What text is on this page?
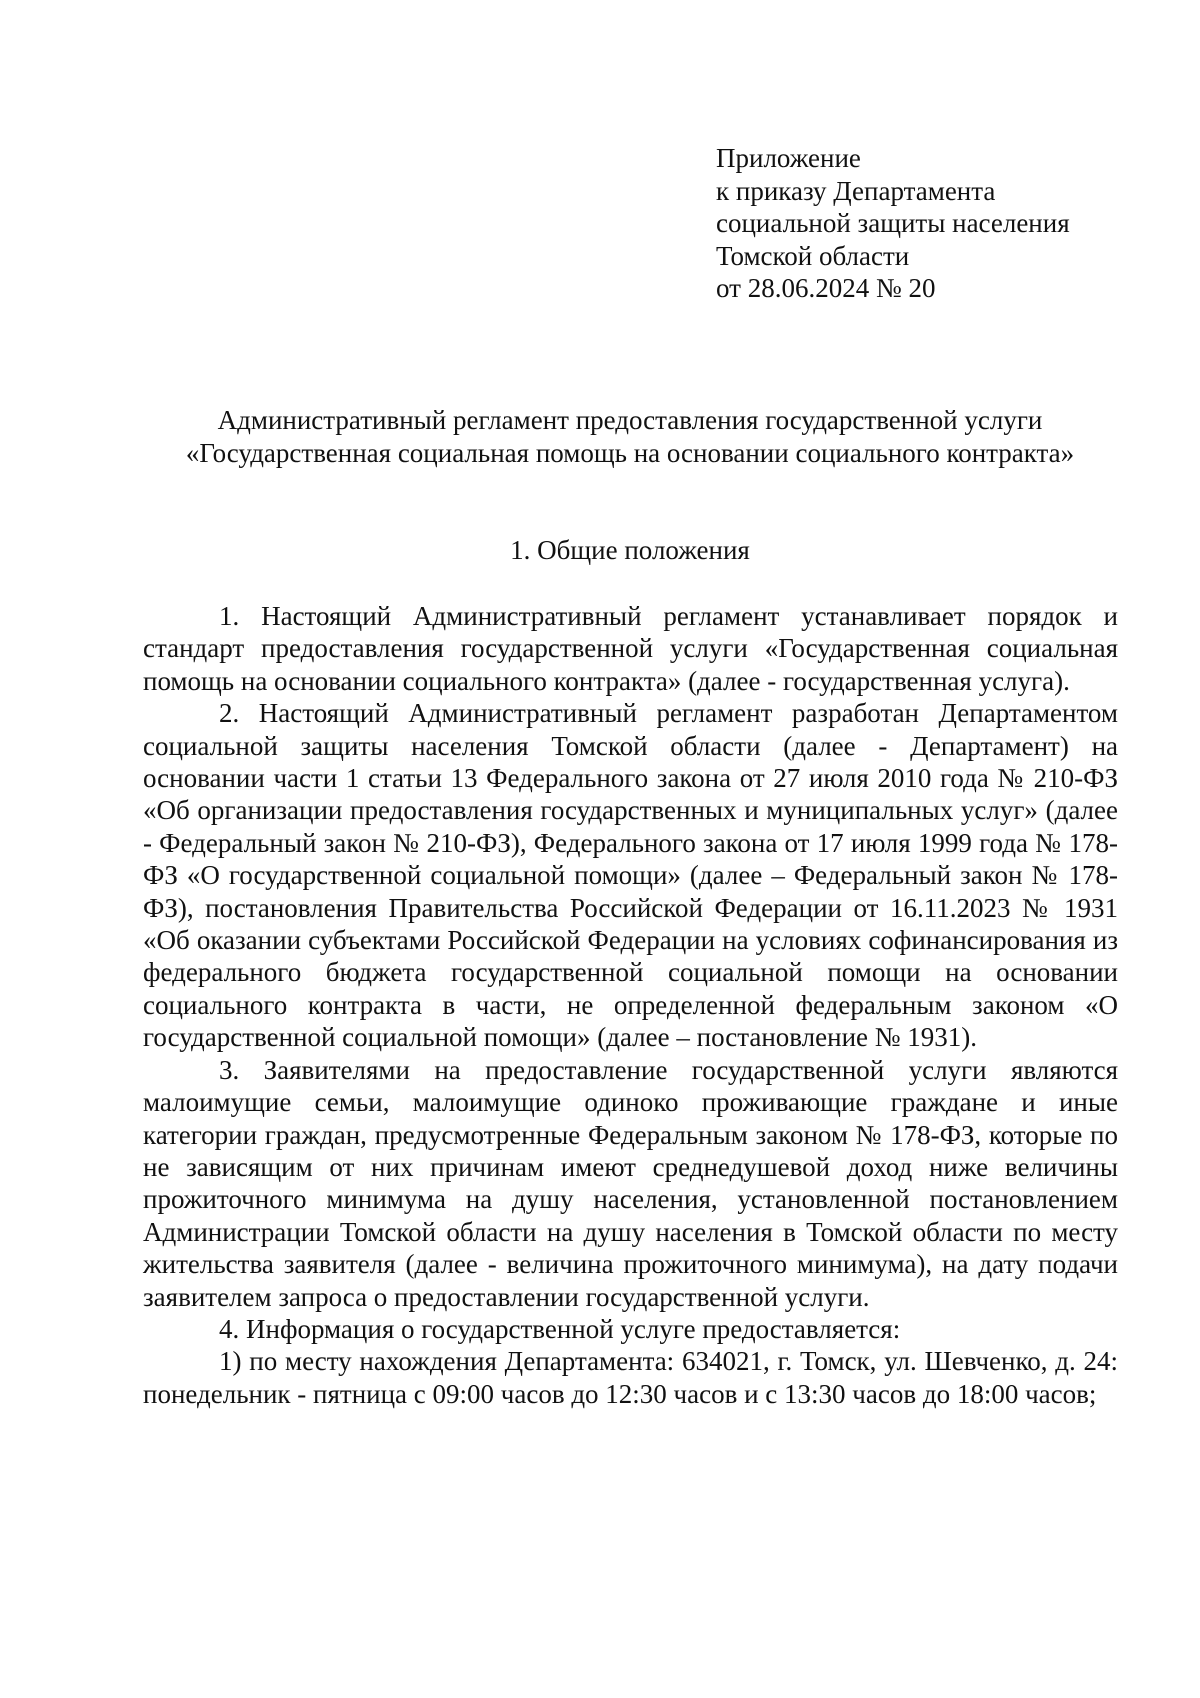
Приложение
к приказу Департамента
социальной защиты населения
Томской области
от 28.06.2024 № 20
Административный регламент предоставления государственной услуги
«Государственная социальная помощь на основании социального контракта»
1. Общие положения

1. Настоящий Административный регламент устанавливает порядок и стандарт предоставления государственной услуги «Государственная социальная помощь на основании социального контракта» (далее - государственная услуга).

2. Настоящий Административный регламент разработан Департаментом социальной защиты населения Томской области (далее - Департамент) на основании части 1 статьи 13 Федерального закона от 27 июля 2010 года № 210-ФЗ «Об организации предоставления государственных и муниципальных услуг» (далее - Федеральный закон № 210-ФЗ), Федерального закона от 17 июля 1999 года № 178-ФЗ «О государственной социальной помощи» (далее – Федеральный закон № 178-ФЗ), постановления Правительства Российской Федерации от 16.11.2023 № 1931 «Об оказании субъектами Российской Федерации на условиях софинансирования из федерального бюджета государственной социальной помощи на основании социального контракта в части, не определенной федеральным законом «О государственной социальной помощи» (далее – постановление № 1931).

3. Заявителями на предоставление государственной услуги являются малоимущие семьи, малоимущие одиноко проживающие граждане и иные категории граждан, предусмотренные Федеральным законом № 178-ФЗ, которые по не зависящим от них причинам имеют среднедушевой доход ниже величины прожиточного минимума на душу населения, установленной постановлением Администрации Томской области на душу населения в Томской области по месту жительства заявителя (далее - величина прожиточного минимума), на дату подачи заявителем запроса о предоставлении государственной услуги.

4. Информация о государственной услуге предоставляется:

1) по месту нахождения Департамента: 634021, г. Томск, ул. Шевченко, д. 24: понедельник - пятница с 09:00 часов до 12:30 часов и с 13:30 часов до 18:00 часов;
